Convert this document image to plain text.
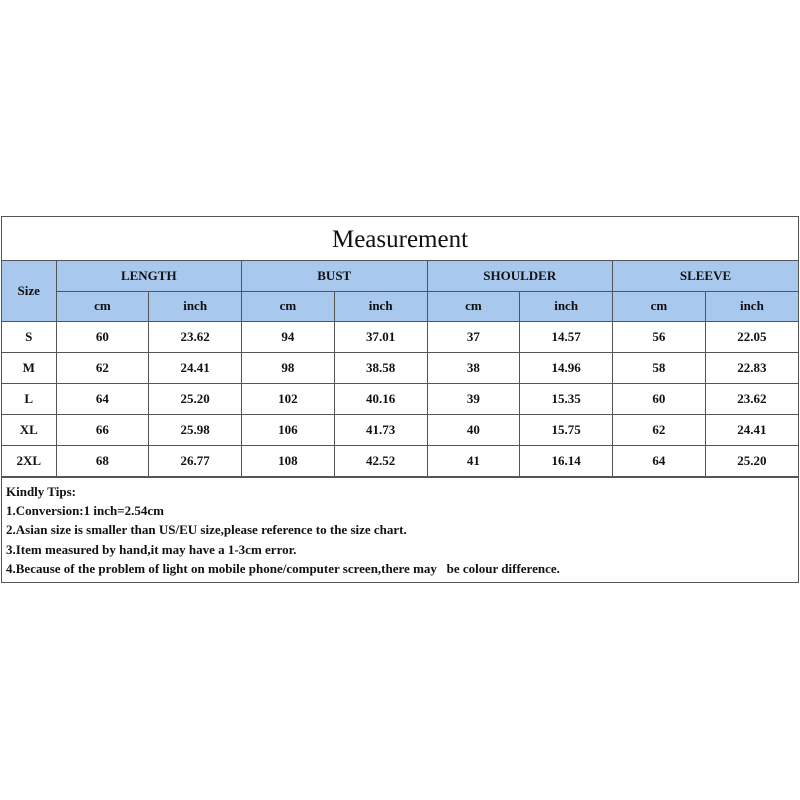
Measurement
Size	LENGTH		BUST		SHOULDER		SLEEVE	
	cm	inch	cm	inch	cm	inch	cm	inch
S	60	23.62	94	37.01	37	14.57	56	22.05
M	62	24.41	98	38.58	38	14.96	58	22.83
L	64	25.20	102	40.16	39	15.35	60	23.62
XL	66	25.98	106	41.73	40	15.75	62	24.41
2XL	68	26.77	108	42.52	41	16.14	64	25.20
Kindly Tips:
1.Conversion:1 inch=2.54cm
2.Asian size is smaller than US/EU size,please reference to the size chart.
3.Item measured by hand,it may have a 1-3cm error.
4.Because of the problem of light on mobile phone/computer screen,there may   be colour difference.
